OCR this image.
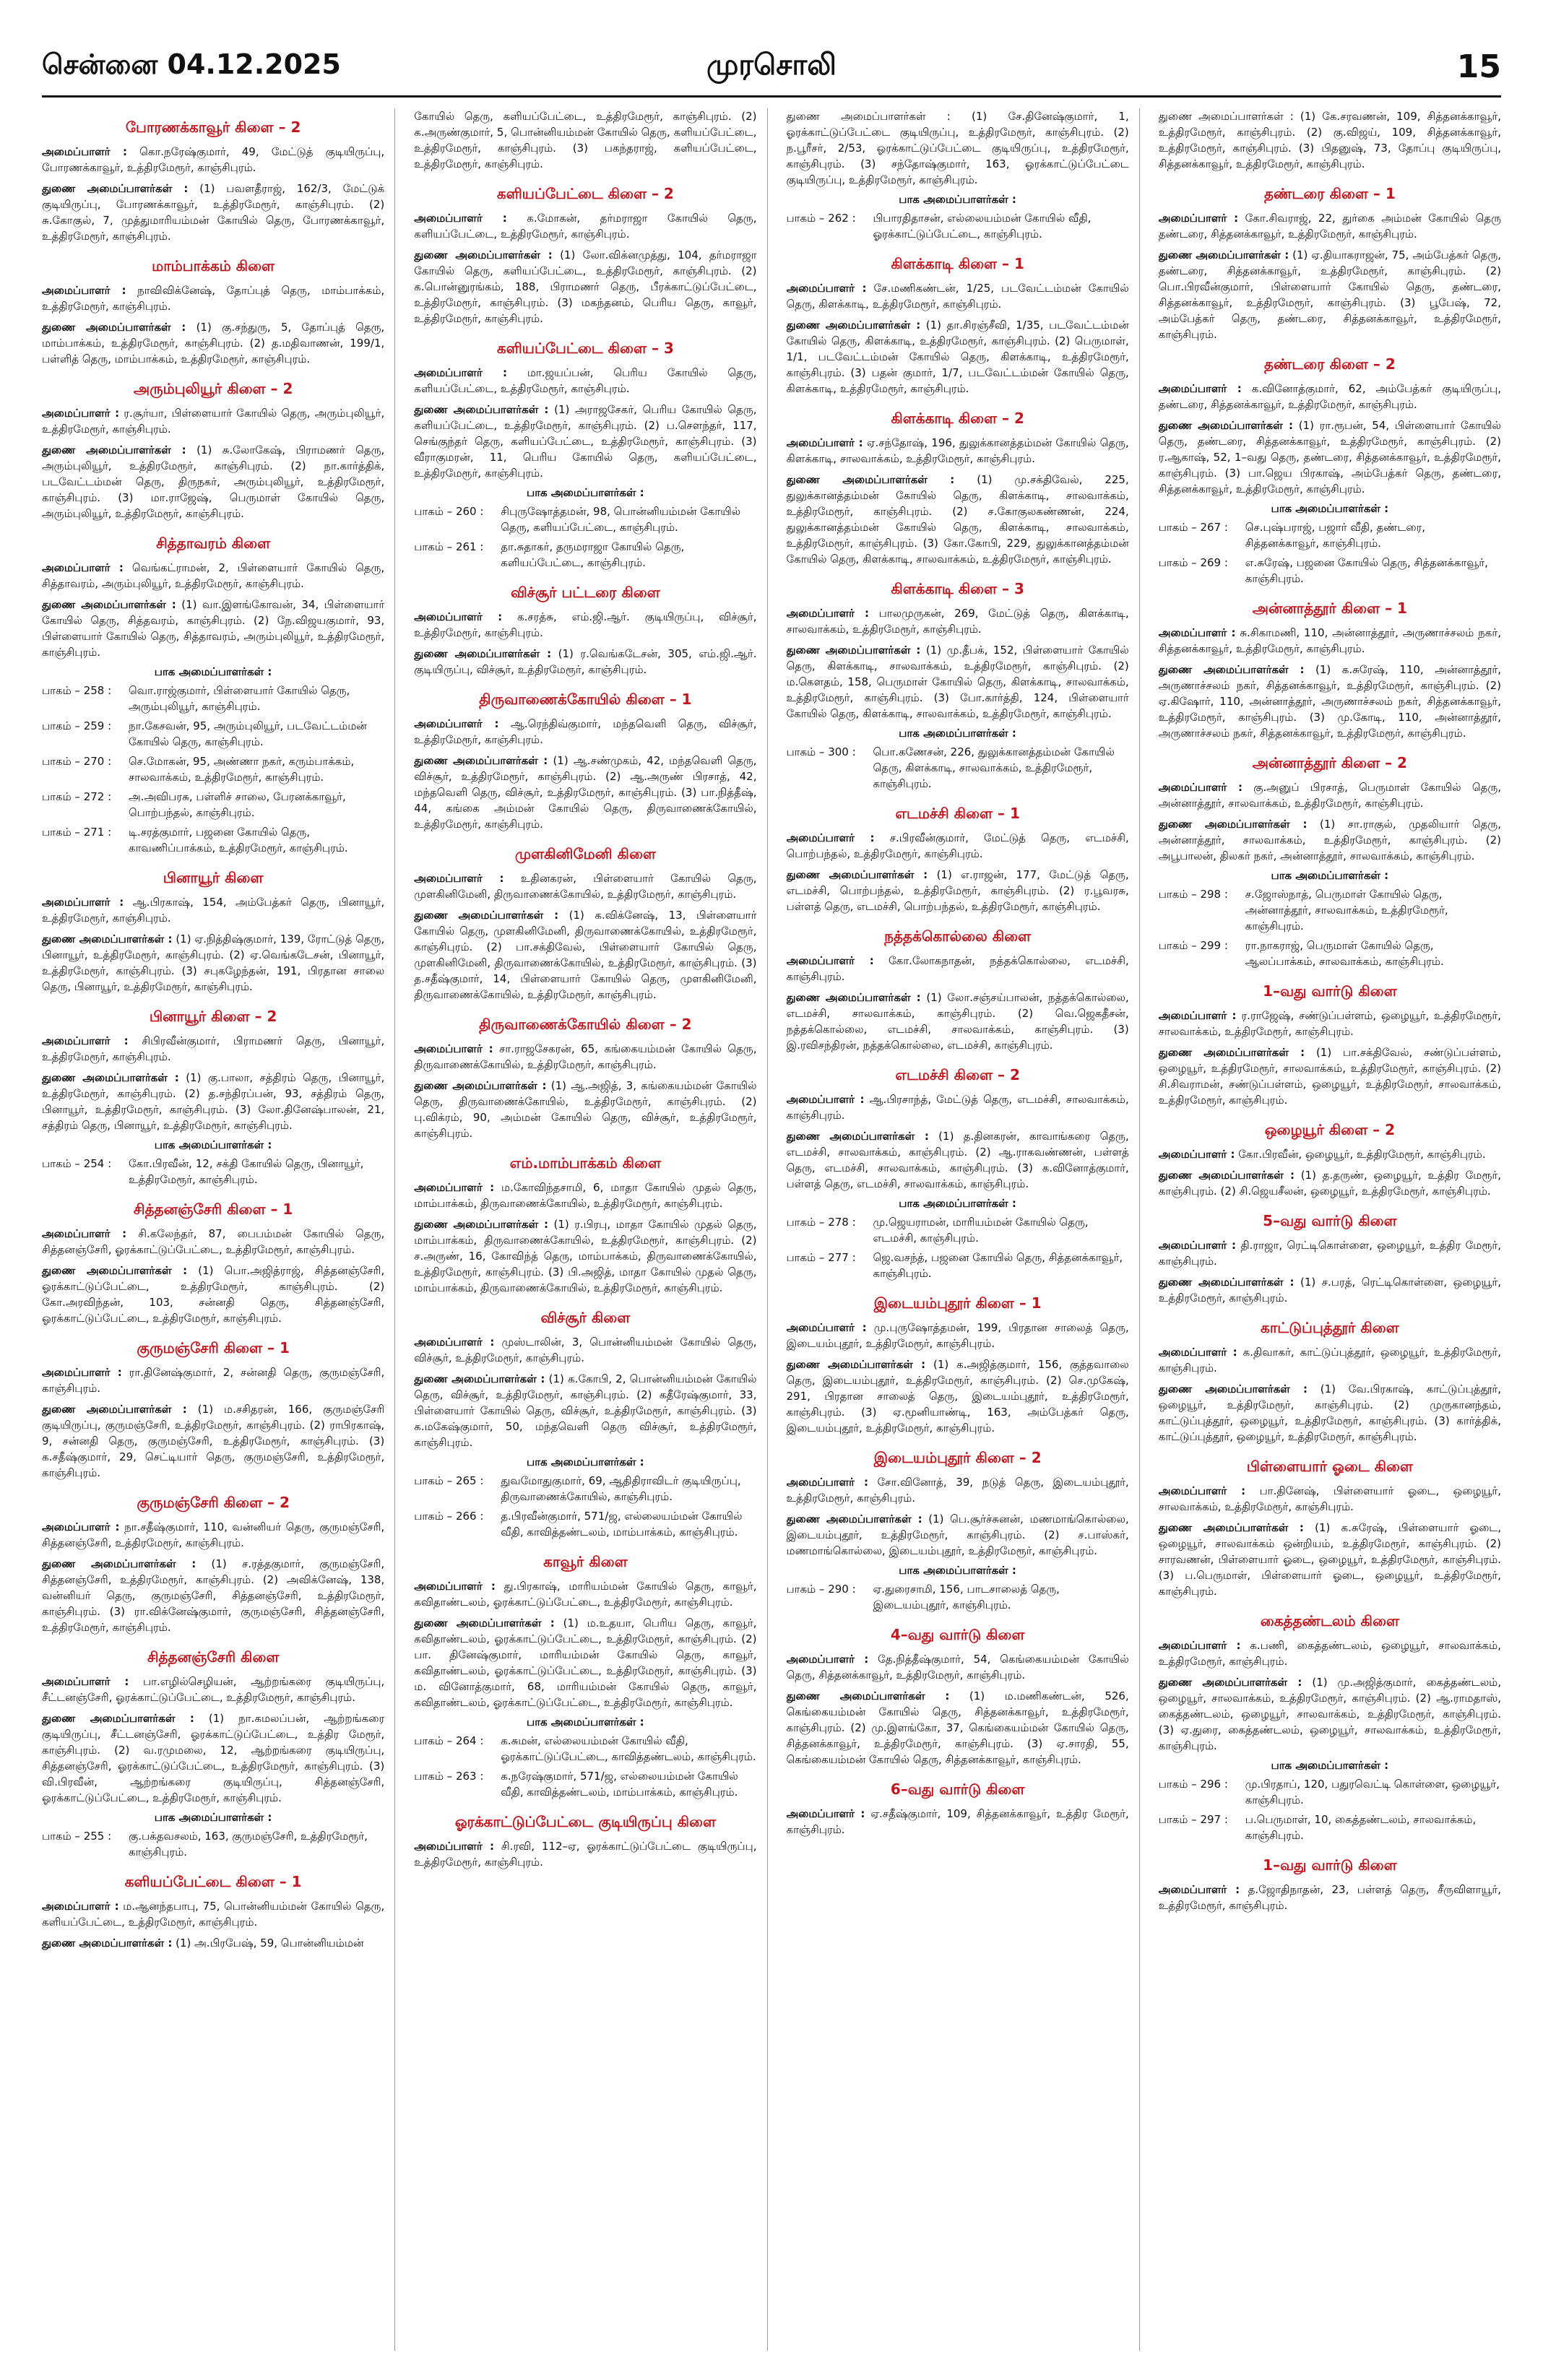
சென்னை 04.12.2025	முரசொலி	15
போரணக்காவூர் கிளை – 2

அமைப்பாளர் : கொ.நரேஷ்குமார், 49, மேட்டுத் குடியிருப்பு, போரணக்காவூர், உத்திரமேரூர், காஞ்சிபுரம்.

துணை அமைப்பாளர்கள் : (1) பவளதீராஜ், 162/3, மேட்டுக் குடியிருப்பு, போரணக்காவூர், உத்திரமேரூர், காஞ்சிபுரம். (2) சு.கோகுல், 7, முத்துமாரியம்மன் கோயில் தெரு, போரணக்காவூர், உத்திரமேரூர், காஞ்சிபுரம்.

மாம்பாக்கம் கிளை

அமைப்பாளர் : நாவிவிக்னேஷ், தோப்புத் தெரு, மாம்பாக்கம், உத்திரமேரூர், காஞ்சிபுரம்.

துணை அமைப்பாளர்கள் : (1) கு.சந்துரு, 5, தோப்புத் தெரு, மாம்பாக்கம், உத்திரமேரூர், காஞ்சிபுரம். (2) த.மதிவாணன், 199/1, பள்ளித் தெரு, மாம்பாக்கம், உத்திரமேரூர், காஞ்சிபுரம்.

அரும்புலியூர் கிளை – 2

அமைப்பாளர் : ர.சூர்யா, பிள்ளையார் கோயில் தெரு, அரும்புலியூர், உத்திரமேரூர், காஞ்சிபுரம்.

துணை அமைப்பாளர்கள் : (1) சு.லோகேஷ், பிராமணர் தெரு, அரும்புலியூர், உத்திரமேரூர், காஞ்சிபுரம். (2) நா.கார்த்திக், படவேட்டம்மன் தெரு, திருநகர், அரும்புலியூர், உத்திரமேரூர், காஞ்சிபுரம். (3) மா.ராஜேஷ், பெருமாள் கோயில் தெரு, அரும்புலியூர், உத்திரமேரூர், காஞ்சிபுரம்.

சித்தாவரம் கிளை

அமைப்பாளர் : வெங்கட்ராமன், 2, பிள்ளையார் கோயில் தெரு, சித்தாவரம், அரும்புலியூர், உத்திரமேரூர், காஞ்சிபுரம்.

துணை அமைப்பாளர்கள் : (1) வா.இளங்கோவன், 34, பிள்ளையார் கோயில் தெரு, சித்தவரம், காஞ்சிபுரம். (2) நே.விஜயகுமார், 93, பிள்ளையார் கோயில் தெரு, சித்தாவரம், அரும்புலியூர், உத்திரமேரூர், காஞ்சிபுரம்.

பாக அமைப்பாளர்கள் :
பாகம் – 258 :	வொ.ராஜ்குமார், பிள்ளையார் கோயில் தெரு, அரும்புலியூர், காஞ்சிபுரம்.
பாகம் – 259 :	நா.கேசவன், 95, அரும்புலியூர், படவேட்டம்மன் கோயில் தெரு, காஞ்சிபுரம்.
பாகம் – 270 :	செ.மோகன், 95, அண்ணா நகர், கரும்பாக்கம், சாலவாக்கம், உத்திரமேரூர், காஞ்சிபுரம்.
பாகம் – 272 :	அ.அவிபரசு, பள்ளிச் சாலை, பேரனக்காவூர், பொற்பந்தல், காஞ்சிபுரம்.
பாகம் – 271 :	டி.சரத்குமார், பஜனை கோயில் தெரு, காவணிப்பாக்கம், உத்திரமேரூர், காஞ்சிபுரம்.
பினாயூர் கிளை

அமைப்பாளர் : ஆ.பிரகாஷ், 154, அம்பேத்கர் தெரு, பினாயூர், உத்திரமேரூர், காஞ்சிபுரம்.

துணை அமைப்பாளர்கள் : (1) ஏ.நித்திஷ்குமார், 139, ரோட்டுத் தெரு, பினாயூர், உத்திரமேரூர், காஞ்சிபுரம். (2) ஏ.வெங்கடேசன், பினாயூர், உத்திரமேரூர், காஞ்சிபுரம். (3) சபுகழேந்தன், 191, பிரதான சாலை தெரு, பினாயூர், உத்திரமேரூர், காஞ்சிபுரம்.

பினாயூர் கிளை – 2

அமைப்பாளர் : சிபிரவீன்குமார், பிராமணர் தெரு, பினாயூர், உத்திரமேரூர், காஞ்சிபுரம்.

துணை அமைப்பாளர்கள் : (1) கு.பாலா, சத்திரம் தெரு, பினாயூர், உத்திரமேரூர், காஞ்சிபுரம். (2) த.சந்திரப்பன், 93, சத்திரம் தெரு, பினாயூர், உத்திரமேரூர், காஞ்சிபுரம். (3) லோ.தினேஷ்பாலன், 21, சத்திரம் தெரு, பினாயூர், உத்திரமேரூர், காஞ்சிபுரம்.

பாக அமைப்பாளர்கள் :
பாகம் – 254 :	கோ.பிரவீன், 12, சக்தி கோயில் தெரு, பினாயூர், உத்திரமேரூர், காஞ்சிபுரம்.
சித்தனஞ்சேரி கிளை – 1

அமைப்பாளர் : சி.கலேந்தர், 87, பைபம்மன் கோயில் தெரு, சித்தனஞ்சேரி, ஓரக்காட்டுப்பேட்டை, உத்திரமேரூர், காஞ்சிபுரம்.

துணை அமைப்பாளர்கள் : (1) பொ.அஜித்ராஜ், சித்தனஞ்சேரி, ஓரக்காட்டுப்பேட்டை, உத்திரமேரூர், காஞ்சிபுரம். (2) கோ.அரவிந்தன், 103, சன்னதி தெரு, சித்தனஞ்சேரி, ஓரக்காட்டுப்பேட்டை, உத்திரமேரூர், காஞ்சிபுரம்.

குருமஞ்சேரி கிளை – 1

அமைப்பாளர் : ரா.தினேஷ்குமார், 2, சன்னதி தெரு, குருமஞ்சேரி, காஞ்சிபுரம்.

துணை அமைப்பாளர்கள் : (1) ம.சசிதரன், 166, குருமஞ்சேரி குடியிருப்பு, குருமஞ்சேரி, உத்திரமேரூர், காஞ்சிபுரம். (2) ராபிரகாஷ், 9, சன்னதி தெரு, குருமஞ்சேரி, உத்திரமேரூர், காஞ்சிபுரம். (3) க.சதீஷ்குமார், 29, செட்டியார் தெரு, குருமஞ்சேரி, உத்திரமேரூர், காஞ்சிபுரம்.

குருமஞ்சேரி கிளை – 2

அமைப்பாளர் : நா.சதீஷ்குமார், 110, வன்னியர் தெரு, குருமஞ்சேரி, சித்தனஞ்சேரி, உத்திரமேரூர், காஞ்சிபுரம்.

துணை அமைப்பாளர்கள் : (1) ச.ரத்தகுமார், குருமஞ்சேரி, சித்தனஞ்சேரி, உத்திரமேரூர், காஞ்சிபுரம். (2) அவிக்னேஷ், 138, வன்னியர் தெரு, குருமஞ்சேரி, சித்தனஞ்சேரி, உத்திரமேரூர், காஞ்சிபுரம். (3) ரா.விக்னேஷ்குமார், குருமஞ்சேரி, சித்தனஞ்சேரி, உத்திரமேரூர், காஞ்சிபுரம்.

சித்தனஞ்சேரி கிளை

அமைப்பாளர் : பா.எழில்செழியன், ஆற்றங்கரை குடியிருப்பு, சீட்டனஞ்சேரி, ஓரக்காட்டுப்பேட்டை, உத்திரமேரூர், காஞ்சிபுரம்.

துணை அமைப்பாளர்கள் : (1) நா.கமலப்பன், ஆற்றங்கரை குடியிருப்பு, சீட்டனஞ்சேரி, ஓரக்காட்டுப்பேட்டை, உத்திர மேரூர், காஞ்சிபுரம். (2) வ.ரமுமலை, 12, ஆற்றங்கரை குடியிருப்பு, சித்தனஞ்சேரி, ஓரக்காட்டுப்பேட்டை, உத்திரமேரூர், காஞ்சிபுரம். (3) வி.பிரவீன், ஆற்றங்கரை குடியிருப்பு, சித்தனஞ்சேரி, ஓரக்காட்டுப்பேட்டை, உத்திரமேரூர், காஞ்சிபுரம்.

பாக அமைப்பாளர்கள் :
பாகம் – 255 :	கு.பக்தவசலம், 163, குருமஞ்சேரி, உத்திரமேரூர், காஞ்சிபுரம்.
களியப்பேட்டை கிளை – 1

அமைப்பாளர் : ம.ஆனந்தபாபு, 75, பொன்னியம்மன் கோயில் தெரு, களியப்பேட்டை, உத்திரமேரூர், காஞ்சிபுரம்.

துணை அமைப்பாளர்கள் : (1) அ.பிரபேஷ், 59, பொன்னியம்மன்

கோயில் தெரு, களியப்பேட்டை, உத்திரமேரூர், காஞ்சிபுரம். (2) க.அருண்குமார், 5, பொன்னியம்மன் கோயில் தெரு, களியப்பேட்டை, உத்திரமேரூர், காஞ்சிபுரம். (3) பகந்தராஜ், களியப்பேட்டை, உத்திரமேரூர், காஞ்சிபுரம்.

களியப்பேட்டை கிளை – 2

அமைப்பாளர் : க.மோகன், தர்மராஜா கோயில் தெரு, களியப்பேட்டை, உத்திரமேரூர், காஞ்சிபுரம்.

துணை அமைப்பாளர்கள் : (1) லோ.விக்னமுத்து, 104, தர்மராஜா கோயில் தெரு, களியப்பேட்டை, உத்திரமேரூர், காஞ்சிபுரம். (2) க.பொன்னுரங்கம், 188, பிராமணர் தெரு, பீரக்காட்டுப்பேட்டை, உத்திரமேரூர், காஞ்சிபுரம். (3) மகந்தனம், பெரிய தெரு, காவூர், உத்திரமேரூர், காஞ்சிபுரம்.

களியப்பேட்டை கிளை – 3

அமைப்பாளர் : மா.ஜயப்பன், பெரிய கோயில் தெரு, களியப்பேட்டை, உத்திரமேரூர், காஞ்சிபுரம்.

துணை அமைப்பாளர்கள் : (1) அராஜசேகர், பெரிய கோயில் தெரு, களியப்பேட்டை, உத்திரமேரூர், காஞ்சிபுரம். (2) ப.சௌந்தர், 117, செங்குந்தர் தெரு, களியப்பேட்டை, உத்திரமேரூர், காஞ்சிபுரம். (3) வீராகுமரன், 11, பெரிய கோயில் தெரு, களியப்பேட்டை, உத்திரமேரூர், காஞ்சிபுரம்.

பாக அமைப்பாளர்கள் :
பாகம் – 260 :	சிபுருஷோத்தமன், 98, பொன்னியம்மன் கோயில் தெரு, களியப்பேட்டை, காஞ்சிபுரம்.
பாகம் – 261 :	தா.சுதாகர், தருமராஜா கோயில் தெரு, களியப்பேட்டை, காஞ்சிபுரம்.
விச்சூர் பட்டரை கிளை

அமைப்பாளர் : க.சரத்சு, எம்.ஜி.ஆர். குடியிருப்பு, விச்சூர், உத்திரமேரூர், காஞ்சிபுரம்.

துணை அமைப்பாளர்கள் : (1) ர.வெங்கடேசன், 305, எம்.ஜி.ஆர். குடியிருப்பு, விச்சூர், உத்திரமேரூர், காஞ்சிபுரம்.

திருவாணைக்கோயில் கிளை – 1

அமைப்பாளர் : ஆ.ரெந்திவ்குமார், மந்தவெளி தெரு, விச்சூர், உத்திரமேரூர், காஞ்சிபுரம்.

துணை அமைப்பாளர்கள் : (1) ஆ.சண்முகம், 42, மந்தவெளி தெரு, விச்சூர், உத்திரமேரூர், காஞ்சிபுரம். (2) ஆ.அருண் பிரசாத், 42, மந்தவெளி தெரு, விச்சூர், உத்திரமேரூர், காஞ்சிபுரம். (3) பா.நித்தீஷ், 44, கங்கை அம்மன் கோயில் தெரு, திருவாணைக்கோயில், உத்திரமேரூர், காஞ்சிபுரம்.

முளகினிமேனி கிளை

அமைப்பாளர் : உதினகரன், பிள்ளையார் கோயில் தெரு, முளகினிமேனி, திருவாணைக்கோயில், உத்திரமேரூர், காஞ்சிபுரம்.

துணை அமைப்பாளர்கள் : (1) க.விக்னேஷ், 13, பிள்ளையார் கோயில் தெரு, முளகினிமேனி, திருவாணைக்கோயில், உத்திரமேரூர், காஞ்சிபுரம். (2) பா.சக்திவேல், பிள்ளையார் கோயில் தெரு, முளகினிமேனி, திருவாணைக்கோயில், உத்திரமேரூர், காஞ்சிபுரம். (3) த.சதீஷ்குமார், 14, பிள்ளையார் கோயில் தெரு, முளகினிமேனி, திருவாணைக்கோயில், உத்திரமேரூர், காஞ்சிபுரம்.

திருவாணைக்கோயில் கிளை – 2

அமைப்பாளர் : சா.ராஜசேகரன், 65, கங்கையம்மன் கோயில் தெரு, திருவாணைக்கோயில், உத்திரமேரூர், காஞ்சிபுரம்.

துணை அமைப்பாளர்கள் : (1) ஆ.அஜித், 3, கங்கையம்மன் கோயில் தெரு, திருவாணைக்கோயில், உத்திரமேரூர், காஞ்சிபுரம். (2) பு.விக்ரம், 90, அம்மன் கோயில் தெரு, விச்சூர், உத்திரமேரூர், காஞ்சிபுரம்.

எம்.மாம்பாக்கம் கிளை

அமைப்பாளர் : ம.கோவிந்தசாமி, 6, மாதா கோயில் முதல் தெரு, மாம்பாக்கம், திருவாணைக்கோயில், உத்திரமேரூர், காஞ்சிபுரம்.

துணை அமைப்பாளர்கள் : (1) ர.பிரபு, மாதா கோயில் முதல் தெரு, மாம்பாக்கம், திருவாணைக்கோயில், உத்திரமேரூர், காஞ்சிபுரம். (2) ச.அருண், 16, கோவிந்த் தெரு, மாம்பாக்கம், திருவாணைக்கோயில், உத்திரமேரூர், காஞ்சிபுரம். (3) பி.அஜித், மாதா கோயில் முதல் தெரு, மாம்பாக்கம், திருவாணைக்கோயில், உத்திரமேரூர், காஞ்சிபுரம்.

விச்சூர் கிளை

அமைப்பாளர் : முஸ்டாலின், 3, பொன்னியம்மன் கோயில் தெரு, விச்சூர், உத்திரமேரூர், காஞ்சிபுரம்.

துணை அமைப்பாளர்கள் : (1) க.கோபி, 2, பொன்னியம்மன் கோயில் தெரு, விச்சூர், உத்திரமேரூர், காஞ்சிபுரம். (2) கதீரேஷ்குமார், 33, பிள்ளையார் கோயில் தெரு, விச்சூர், உத்திரமேரூர், காஞ்சிபுரம். (3) க.மகேஷ்குமார், 50, மந்தவெளி தெரு விச்சூர், உத்திரமேரூர், காஞ்சிபுரம்.

பாக அமைப்பாளர்கள் :
பாகம் – 265 :	துவமோதுகுமார், 69, ஆதிதிராவிடர் குடியிருப்பு, திருவாணைக்கோயில், காஞ்சிபுரம்.
பாகம் – 266 :	த.பிரவீன்குமார், 571/ஜ, எல்லையம்மன் கோயில் வீதி, காவித்தண்டலம், மாம்பாக்கம், காஞ்சிபுரம்.
காவூர் கிளை

அமைப்பாளர் : து.பிரகாஷ், மாரியம்மன் கோயில் தெரு, காவூர், கவிதாண்டலம், ஓரக்காட்டுப்பேட்டை, உத்திரமேரூர், காஞ்சிபுரம்.

துணை அமைப்பாளர்கள் : (1) ம.உதயா, பெரிய தெரு, காவூர், கவிதாண்டலம், ஓரக்காட்டுப்பேட்டை, உத்திரமேரூர், காஞ்சிபுரம். (2) பா. தினேஷ்குமார், மாரியம்மன் கோயில் தெரு, காவூர், கவிதாண்டலம், ஓரக்காட்டுப்பேட்டை, உத்திரமேரூர், காஞ்சிபுரம். (3) ம. வினோத்குமார், 68, மாரியம்மன் கோயில் தெரு, காவூர், கவிதாண்டலம், ஓரக்காட்டுப்பேட்டை, உத்திரமேரூர், காஞ்சிபுரம்.

பாக அமைப்பாளர்கள் :
பாகம் – 264 :	க.சுமன், எல்லையம்மன் கோயில் வீதி, ஓரக்காட்டுப்பேட்டை, காவித்தண்டலம், காஞ்சிபுரம்.
பாகம் – 263 :	க.நரேஷ்குமார், 571/ஜ, எல்லையம்மன் கோயில் வீதி, காவித்தண்டலம், மாம்பாக்கம், காஞ்சிபுரம்.
ஓரக்காட்டுப்பேட்டை குடியிருப்பு கிளை

அமைப்பாளர் : சி.ரவி, 112–ஏ, ஓரக்காட்டுப்பேட்டை குடியிருப்பு, உத்திரமேரூர், காஞ்சிபுரம்.

துணை அமைப்பாளர்கள் : (1) சே.தினேஷ்குமார், 1, ஓரக்காட்டுப்பேட்டை குடியிருப்பு, உத்திரமேரூர், காஞ்சிபுரம். (2) ந.பூரீசர், 2/53, ஓரக்காட்டுப்பேட்டை குடியிருப்பு, உத்திரமேரூர், காஞ்சிபுரம். (3) சந்தோஷ்குமார், 163, ஓரக்காட்டுப்பேட்டை குடியிருப்பு, உத்திரமேரூர், காஞ்சிபுரம்.

பாக அமைப்பாளர்கள் :
பாகம் – 262 :	பிபாரதிதாசன், எல்லையம்மன் கோயில் வீதி, ஓரக்காட்டுப்பேட்டை, காஞ்சிபுரம்.
கிளக்காடி கிளை – 1

அமைப்பாளர் : சே.மணிகண்டன், 1/25, படவேட்டம்மன் கோயில் தெரு, கிளக்காடி, உத்திரமேரூர், காஞ்சிபுரம்.

துணை அமைப்பாளர்கள் : (1) தா.சிரஞ்சீவி, 1/35, படவேட்டம்மன் கோயில் தெரு, கிளக்காடி, உத்திரமேரூர், காஞ்சிபுரம். (2) பெருமாள், 1/1, படவேட்டம்மன் கோயில் தெரு, கிளக்காடி, உத்திரமேரூர், காஞ்சிபுரம். (3) பதன் குமார், 1/7, படவேட்டம்மன் கோயில் தெரு, கிளக்காடி, உத்திரமேரூர், காஞ்சிபுரம்.

கிளக்காடி கிளை – 2

அமைப்பாளர் : ஏ.சந்தோஷ், 196, துலுக்கானத்தம்மன் கோயில் தெரு, கிளக்காடி, சாலவாக்கம், உத்திரமேரூர், காஞ்சிபுரம்.

துணை அமைப்பாளர்கள் : (1) மு.சக்திவேல், 225, துலுக்கானத்தம்மன் கோயில் தெரு, கிளக்காடி, சாலவாக்கம், உத்திரமேரூர், காஞ்சிபுரம். (2) ச.கோகுலகண்ணன், 224, துலுக்கானத்தம்மன் கோயில் தெரு, கிளக்காடி, சாலவாக்கம், உத்திரமேரூர், காஞ்சிபுரம். (3) கோ.கோபி, 229, துலுக்கானத்தம்மன் கோயில் தெரு, கிளக்காடி, சாலவாக்கம், உத்திரமேரூர், காஞ்சிபுரம்.

கிளக்காடி கிளை – 3

அமைப்பாளர் : பாலமுருகன், 269, மேட்டுத் தெரு, கிளக்காடி, சாலவாக்கம், உத்திரமேரூர், காஞ்சிபுரம்.

துணை அமைப்பாளர்கள் : (1) மு.தீபக், 152, பிள்ளையார் கோயில் தெரு, கிளக்காடி, சாலவாக்கம், உத்திரமேரூர், காஞ்சிபுரம். (2) ம.கௌதம், 158, பெருமாள் கோயில் தெரு, கிளக்காடி, சாலவாக்கம், உத்திரமேரூர், காஞ்சிபுரம். (3) போ.கார்த்தி, 124, பிள்ளையார் கோயில் தெரு, கிளக்காடி, சாலவாக்கம், உத்திரமேரூர், காஞ்சிபுரம்.

பாக அமைப்பாளர்கள் :
பாகம் – 300 :	பொ.கணேசன், 226, துலுக்கானத்தம்மன் கோயில் தெரு, கிளக்காடி, சாலவாக்கம், உத்திரமேரூர், காஞ்சிபுரம்.
எடமச்சி கிளை – 1

அமைப்பாளர் : ச.பிரவீன்குமார், மேட்டுத் தெரு, எடமச்சி, பொற்பந்தல், உத்திரமேரூர், காஞ்சிபுரம்.

துணை அமைப்பாளர்கள் : (1) எ.ராஜன், 177, மேட்டுத் தெரு, எடமச்சி, பொற்பந்தல், உத்திரமேரூர், காஞ்சிபுரம். (2) ர.பூவரசு, பள்ளத் தெரு, எடமச்சி, பொற்பந்தல், உத்திரமேரூர், காஞ்சிபுரம்.

நத்தக்கொல்லை கிளை

அமைப்பாளர் : கோ.லோகநாதன், நத்தக்கொல்லை, எடமச்சி, காஞ்சிபுரம்.

துணை அமைப்பாளர்கள் : (1) லோ.சஞ்சய்பாலன், நத்தக்கொல்லை, எடமச்சி, சாலவாக்கம், காஞ்சிபுரம். (2) வெ.ஜெகதீசன், நத்தக்கொல்லை, எடமச்சி, சாலவாக்கம், காஞ்சிபுரம். (3) இ.ரவிசந்திரன், நத்தக்கொல்லை, எடமச்சி, காஞ்சிபுரம்.

எடமச்சி கிளை – 2

அமைப்பாளர் : ஆ.பிரசாந்த், மேட்டுத் தெரு, எடமச்சி, சாலவாக்கம், காஞ்சிபுரம்.

துணை அமைப்பாளர்கள் : (1) த.தினகரன், காவாங்கரை தெரு, எடமச்சி, சாலவாக்கம், காஞ்சிபுரம். (2) ஆ.ராகவண்ணன், பள்ளத் தெரு, எடமச்சி, சாலவாக்கம், காஞ்சிபுரம். (3) க.வினோத்குமார், பள்ளத் தெரு, எடமச்சி, சாலவாக்கம், காஞ்சிபுரம்.

பாக அமைப்பாளர்கள் :
பாகம் – 278 :	மு.ஜெயராமன், மாரியம்மன் கோயில் தெரு, எடமச்சி, காஞ்சிபுரம்.
பாகம் – 277 :	ஜெ.வசந்த், பஜனை கோயில் தெரு, சித்தனக்காவூர், காஞ்சிபுரம்.
இடையம்புதூர் கிளை – 1

அமைப்பாளர் : மு.புருஷோத்தமன், 199, பிரதான சாலைத் தெரு, இடையம்புதூர், உத்திரமேரூர், காஞ்சிபுரம்.

துணை அமைப்பாளர்கள் : (1) க.அஜித்குமார், 156, குத்தவாலை தெரு, இடையம்புதூர், உத்திரமேரூர், காஞ்சிபுரம். (2) செ.முகேஷ், 291, பிரதான சாலைத் தெரு, இடையம்புதூர், உத்திரமேரூர், காஞ்சிபுரம். (3) ஏ.மூனியாண்டி, 163, அம்பேத்கர் தெரு, இடையம்புதூர், உத்திரமேரூர், காஞ்சிபுரம்.

இடையம்புதூர் கிளை – 2

அமைப்பாளர் : சோ.வினோத், 39, நடுத் தெரு, இடையம்புதூர், உத்திரமேரூர், காஞ்சிபுரம்.

துணை அமைப்பாளர்கள் : (1) பெ.சூர்ச்சுனன், மணமாங்கொல்லை, இடையம்புதூர், உத்திரமேரூர், காஞ்சிபுரம். (2) ச.பாஸ்கர், மணமாங்கொல்லை, இடையம்புதூர், உத்திரமேரூர், காஞ்சிபுரம்.

பாக அமைப்பாளர்கள் :
பாகம் – 290 :	ஏ.துரைசாமி, 156, பாடசாலைத் தெரு, இடையம்புதூர், காஞ்சிபுரம்.
4–வது வார்டு கிளை

அமைப்பாளர் : தே.நித்தீஷ்குமார், 54, கெங்கையம்மன் கோயில் தெரு, சித்தனக்காவூர், உத்திரமேரூர், காஞ்சிபுரம்.

துணை அமைப்பாளர்கள் : (1) ம.மணிகண்டன், 526, கெங்கையம்மன் கோயில் தெரு, சித்தனக்காவூர், உத்திரமேரூர், காஞ்சிபுரம். (2) மு.இளங்கோ, 37, கெங்கையம்மன் கோயில் தெரு, சித்தனக்காவூர், உத்திரமேரூர், காஞ்சிபுரம். (3) ஏ.சாரதி, 55, கெங்கையம்மன் கோயில் தெரு, சித்தனக்காவூர், காஞ்சிபுரம்.

6–வது வார்டு கிளை

அமைப்பாளர் : ஏ.சதீஷ்குமார், 109, சித்தனக்காவூர், உத்திர மேரூர், காஞ்சிபுரம்.

துணை அமைப்பாளர்கள் : (1) கே.சரவணன், 109, சித்தனக்காவூர், உத்திரமேரூர், காஞ்சிபுரம். (2) கு.விஜய், 109, சித்தனக்காவூர், உத்திரமேரூர், காஞ்சிபுரம். (3) பிதனுஷ், 73, தோப்பு குடியிருப்பு, சித்தனக்காவூர், உத்திரமேரூர், காஞ்சிபுரம்.

தண்டரை கிளை – 1

அமைப்பாளர் : கோ.சிவராஜ், 22, துர்கை அம்மன் கோயில் தெரு தண்டரை, சித்தனக்காவூர், உத்திரமேரூர், காஞ்சிபுரம்.

துணை அமைப்பாளர்கள் : (1) ஏ.தியாகராஜன், 75, அம்பேத்கர் தெரு, தண்டரை, சித்தனக்காவூர், உத்திரமேரூர், காஞ்சிபுரம். (2) பொ.பிரவீன்குமார், பிள்ளையார் கோயில் தெரு, தண்டரை, சித்தனக்காவூர், உத்திரமேரூர், காஞ்சிபுரம். (3) பூபேஷ், 72, அம்பேத்கர் தெரு, தண்டரை, சித்தனக்காவூர், உத்திரமேரூர், காஞ்சிபுரம்.

தண்டரை கிளை – 2

அமைப்பாளர் : க.வினோத்குமார், 62, அம்பேத்கர் குடியிருப்பு, தண்டரை, சித்தனக்காவூர், உத்திரமேரூர், காஞ்சிபுரம்.

துணை அமைப்பாளர்கள் : (1) ரா.ரூபன், 54, பிள்ளையார் கோயில் தெரு, தண்டரை, சித்தனக்காவூர், உத்திரமேரூர், காஞ்சிபுரம். (2) ர.ஆகாஷ், 52, 1–வது தெரு, தண்டரை, சித்தனக்காவூர், உத்திரமேரூர், காஞ்சிபுரம். (3) பா.ஜெய பிரகாஷ், அம்பேத்கர் தெரு, தண்டரை, சித்தனக்காவூர், உத்திரமேரூர், காஞ்சிபுரம்.

பாக அமைப்பாளர்கள் :
பாகம் – 267 :	செ.புஷ்பராஜ், பஜார் வீதி, தண்டரை, சித்தனக்காவூர், காஞ்சிபுரம்.
பாகம் – 269 :	எ.சுரேஷ், பஜனை கோயில் தெரு, சித்தனக்காவூர், காஞ்சிபுரம்.
அன்னாத்தூர் கிளை – 1

அமைப்பாளர் : சு.சிகாமணி, 110, அன்னாத்தூர், அருணாச்சலம் நகர், சித்தனக்காவூர், உத்திரமேரூர், காஞ்சிபுரம்.

துணை அமைப்பாளர்கள் : (1) க.சுரேஷ், 110, அன்னாத்தூர், அருணாச்சலம் நகர், சித்தனக்காவூர், உத்திரமேரூர், காஞ்சிபுரம். (2) ஏ.கிஷோர், 110, அன்னாத்தூர், அருணாச்சலம் நகர், சித்தனக்காவூர், உத்திரமேரூர், காஞ்சிபுரம். (3) மு.கோடி, 110, அன்னாத்தூர், அருணாச்சலம் நகர், சித்தனக்காவூர், உத்திரமேரூர், காஞ்சிபுரம்.

அன்னாத்தூர் கிளை – 2

அமைப்பாளர் : கு.அனுப் பிரசாத், பெருமாள் கோயில் தெரு, அன்னாத்தூர், சாலவாக்கம், உத்திரமேரூர், காஞ்சிபுரம்.

துணை அமைப்பாளர்கள் : (1) சா.ராகுல், முதலியார் தெரு, அன்னாத்தூர், சாலவாக்கம், உத்திரமேரூர், காஞ்சிபுரம். (2) அபூபாலன், திலகர் நகர், அன்னாத்தூர், சாலவாக்கம், காஞ்சிபுரம்.

பாக அமைப்பாளர்கள் :
பாகம் – 298 :	ச.ஜோஸ்நாத், பெருமாள் கோயில் தெரு, அன்னாத்தூர், சாலவாக்கம், உத்திரமேரூர், காஞ்சிபுரம்.
பாகம் – 299 :	ரா.நாகராஜ், பெருமாள் கோயில் தெரு, ஆலப்பாக்கம், சாலவாக்கம், காஞ்சிபுரம்.
1–வது வார்டு கிளை

அமைப்பாளர் : ர.ராஜேஷ், சண்டுப்பள்ளம், ஒழையூர், உத்திரமேரூர், சாலவாக்கம், உத்திரமேரூர், காஞ்சிபுரம்.

துணை அமைப்பாளர்கள் : (1) பா.சக்திவேல், சண்டுப்பள்ளம், ஒழையூர், உத்திரமேரூர், சாலவாக்கம், உத்திரமேரூர், காஞ்சிபுரம். (2) சி.சிவராமன், சண்டுப்பள்ளம், ஒழையூர், உத்திரமேரூர், சாலவாக்கம், உத்திரமேரூர், காஞ்சிபுரம்.

ஒழையூர் கிளை – 2

அமைப்பாளர் : கோ.பிரவீன், ஒழையூர், உத்திரமேரூர், காஞ்சிபுரம்.

துணை அமைப்பாளர்கள் : (1) த.தருண், ஒழையூர், உத்திர மேரூர், காஞ்சிபுரம். (2) சி.ஜெயசீலன், ஒழையூர், உத்திரமேரூர், காஞ்சிபுரம்.

5–வது வார்டு கிளை

அமைப்பாளர் : தி.ராஜா, ரெட்டிகொள்ளை, ஒழையூர், உத்திர மேரூர், காஞ்சிபுரம்.

துணை அமைப்பாளர்கள் : (1) ச.பரத், ரெட்டிகொள்ளை, ஒழையூர், உத்திரமேரூர், காஞ்சிபுரம்.

காட்டுப்புத்தூர் கிளை

அமைப்பாளர் : க.திவாகர், காட்டுப்புத்தூர், ஒழையூர், உத்திரமேரூர், காஞ்சிபுரம்.

துணை அமைப்பாளர்கள் : (1) வே.பிரகாஷ், காட்டுப்புத்தூர், ஒழையூர், உத்திரமேரூர், காஞ்சிபுரம். (2) முருகானந்தம், காட்டுப்புத்தூர், ஒழையூர், உத்திரமேரூர், காஞ்சிபுரம். (3) கார்த்திக், காட்டுப்புத்தூர், ஒழையூர், உத்திரமேரூர், காஞ்சிபுரம்.

பிள்ளையார் ஓடை கிளை

அமைப்பாளர் : பா.தினேஷ், பிள்ளையார் ஓடை, ஒழையூர், சாலவாக்கம், உத்திரமேரூர், காஞ்சிபுரம்.

துணை அமைப்பாளர்கள் : (1) க.சுரேஷ், பிள்ளையார் ஓடை, ஒழையூர், சாலவாக்கம் ஒன்றியம், உத்திரமேரூர், காஞ்சிபுரம். (2) சாரவணன், பிள்ளையார் ஓடை, ஒழையூர், உத்திரமேரூர், காஞ்சிபுரம். (3) ப.பெருமாள், பிள்ளையார் ஓடை, ஒழையூர், உத்திரமேரூர், காஞ்சிபுரம்.

கைத்தண்டலம் கிளை

அமைப்பாளர் : க.பணி, கைத்தண்டலம், ஒழையூர், சாலவாக்கம், உத்திரமேரூர், காஞ்சிபுரம்.

துணை அமைப்பாளர்கள் : (1) மு.அஜித்குமார், கைத்தண்டலம், ஒழையூர், சாலவாக்கம், உத்திரமேரூர், காஞ்சிபுரம். (2) ஆ.ராமதாஸ், கைத்தண்டலம், ஒழையூர், சாலவாக்கம், உத்திரமேரூர், காஞ்சிபுரம். (3) ஏ.துரை, கைத்தண்டலம், ஒழையூர், சாலவாக்கம், உத்திரமேரூர், காஞ்சிபுரம்.

பாக அமைப்பாளர்கள் :
பாகம் – 296 :	மு.பிரதாப், 120, பதுரவெட்டி கொள்ளை, ஒழையூர், காஞ்சிபுரம்.
பாகம் – 297 :	ப.பெருமாள், 10, கைத்தண்டலம், சாலவாக்கம், காஞ்சிபுரம்.
1–வது வார்டு கிளை

அமைப்பாளர் : த.ஜோதிநாதன், 23, பள்ளத் தெரு, சீருவிளாயூர், உத்திரமேரூர், காஞ்சிபுரம்.
